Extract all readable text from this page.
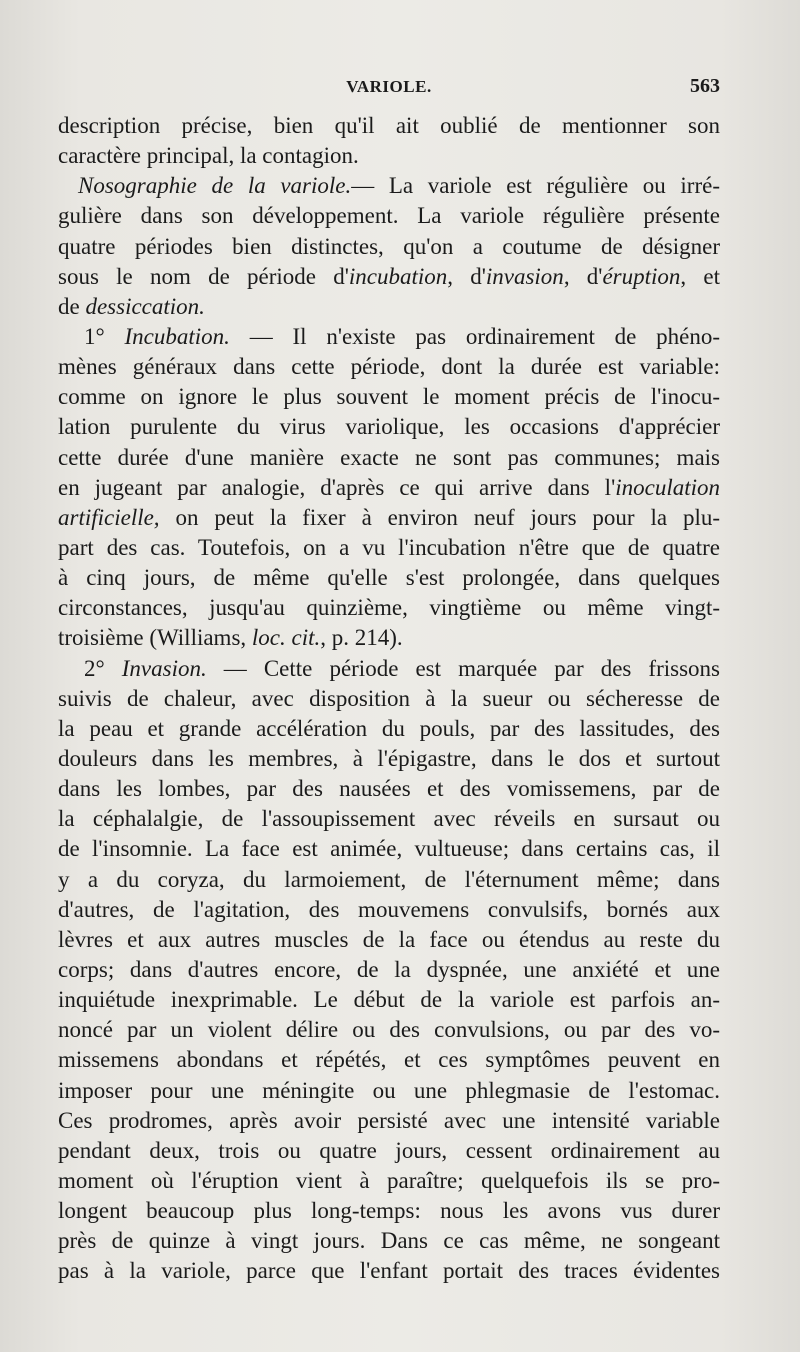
VARIOLE.	563
description précise, bien qu'il ait oublié de mentionner son
caractère principal, la contagion.
Nosographie de la variole.— La variole est régulière ou irré-
gulière dans son développement. La variole régulière présente
quatre périodes bien distinctes, qu'on a coutume de désigner
sous le nom de période d'incubation, d'invasion, d'éruption, et
de dessiccation.
1° Incubation. — Il n'existe pas ordinairement de phéno-
mènes généraux dans cette période, dont la durée est variable:
comme on ignore le plus souvent le moment précis de l'inocu-
lation purulente du virus variolique, les occasions d'apprécier
cette durée d'une manière exacte ne sont pas communes; mais
en jugeant par analogie, d'après ce qui arrive dans l'inoculation
artificielle, on peut la fixer à environ neuf jours pour la plu-
part des cas. Toutefois, on a vu l'incubation n'être que de quatre
à cinq jours, de même qu'elle s'est prolongée, dans quelques
circonstances, jusqu'au quinzième, vingtième ou même vingt-
troisième (Williams, loc. cit., p. 214).
2° Invasion. — Cette période est marquée par des frissons
suivis de chaleur, avec disposition à la sueur ou sécheresse de
la peau et grande accélération du pouls, par des lassitudes, des
douleurs dans les membres, à l'épigastre, dans le dos et surtout
dans les lombes, par des nausées et des vomissemens, par de
la céphalalgie, de l'assoupissement avec réveils en sursaut ou
de l'insomnie. La face est animée, vultueuse; dans certains cas, il
y a du coryza, du larmoiement, de l'éternument même; dans
d'autres, de l'agitation, des mouvemens convulsifs, bornés aux
lèvres et aux autres muscles de la face ou étendus au reste du
corps; dans d'autres encore, de la dyspnée, une anxiété et une
inquiétude inexprimable. Le début de la variole est parfois an-
noncé par un violent délire ou des convulsions, ou par des vo-
missemens abondans et répétés, et ces symptômes peuvent en
imposer pour une méningite ou une phlegmasie de l'estomac.
Ces prodromes, après avoir persisté avec une intensité variable
pendant deux, trois ou quatre jours, cessent ordinairement au
moment où l'éruption vient à paraître; quelquefois ils se pro-
longent beaucoup plus long-temps: nous les avons vus durer
près de quinze à vingt jours. Dans ce cas même, ne songeant
pas à la variole, parce que l'enfant portait des traces évidentes
